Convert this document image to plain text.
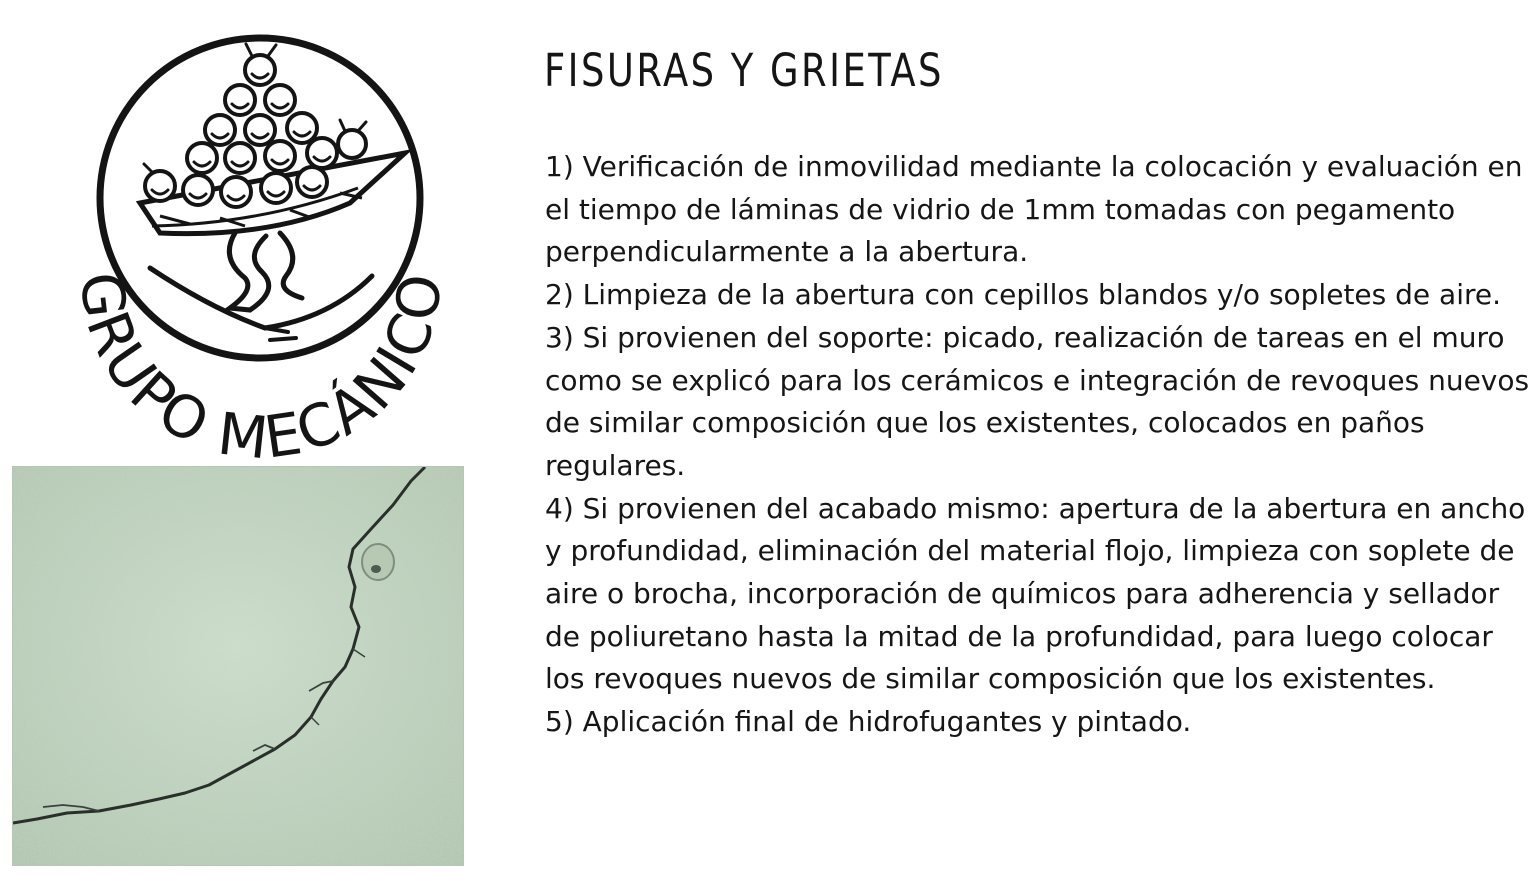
GRUPO MECÁNICO
FISURAS Y GRIETAS
1) Verificación de inmovilidad mediante la colocación y evaluación en el tiempo de láminas de vidrio de 1mm tomadas con pegamento perpendicularmente a la abertura.
2) Limpieza de la abertura con cepillos blandos y/o sopletes de aire.
3) Si provienen del soporte: picado, realización de tareas en el muro como se explicó para los cerámicos e integración de revoques nuevos de similar composición que los existentes, colocados en paños regulares.
4) Si provienen del acabado mismo: apertura de la abertura en ancho y profundidad, eliminación del material flojo, limpieza con soplete de aire o brocha, incorporación de químicos para adherencia y sellador de poliuretano hasta la mitad de la profundidad, para luego colocar los revoques nuevos de similar composición que los existentes.
5) Aplicación final de hidrofugantes y pintado.
